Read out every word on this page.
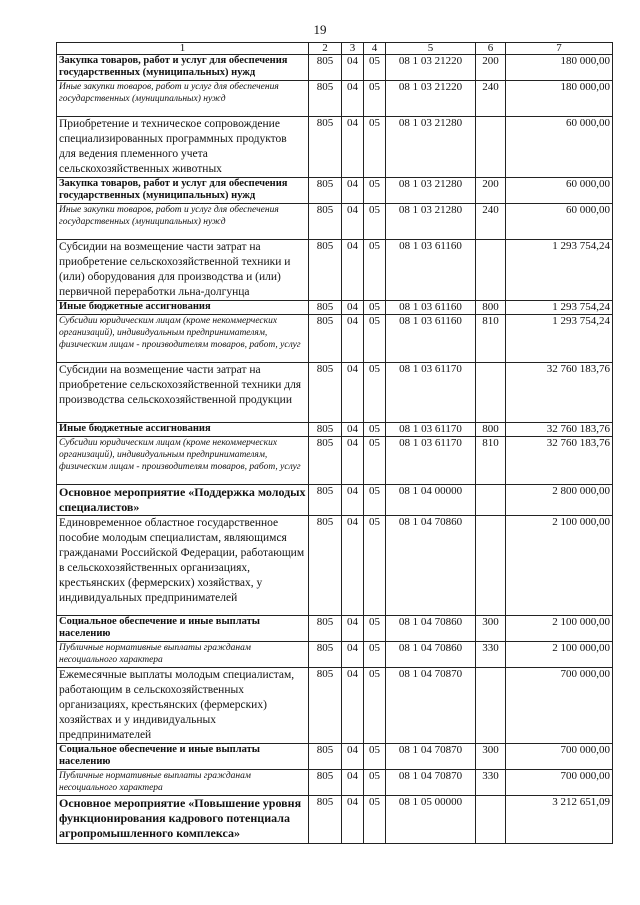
19
1	2	3	4	5	6	7
Закупка товаров, работ и услуг для обеспечения государственных (муниципальных) нужд	805	04	05	08 1 03 21220	200	180 000,00
Иные закупки товаров, работ и услуг для обеспечения государственных (муниципальных) нужд	805	04	05	08 1 03 21220	240	180 000,00
Приобретение и техническое сопровождение специализированных программных продуктов для ведения племенного учета сельскохозяйственных животных	805	04	05	08 1 03 21280		60 000,00
Закупка товаров, работ и услуг для обеспечения государственных (муниципальных) нужд	805	04	05	08 1 03 21280	200	60 000,00
Иные закупки товаров, работ и услуг для обеспечения государственных (муниципальных) нужд	805	04	05	08 1 03 21280	240	60 000,00
Субсидии на возмещение части затрат на приобретение сельскохозяйственной техники и (или) оборудования для производства и (или) первичной переработки льна-долгунца	805	04	05	08 1 03 61160		1 293 754,24
Иные бюджетные ассигнования	805	04	05	08 1 03 61160	800	1 293 754,24
Субсидии юридическим лицам (кроме некоммерческих организаций), индивидуальным предпринимателям, физическим лицам - производителям товаров, работ, услуг	805	04	05	08 1 03 61160	810	1 293 754,24
Субсидии на возмещение части затрат на приобретение сельскохозяйственной техники для производства сельскохозяйственной продукции	805	04	05	08 1 03 61170		32 760 183,76
Иные бюджетные ассигнования	805	04	05	08 1 03 61170	800	32 760 183,76
Субсидии юридическим лицам (кроме некоммерческих организаций), индивидуальным предпринимателям, физическим лицам - производителям товаров, работ, услуг	805	04	05	08 1 03 61170	810	32 760 183,76
Основное мероприятие «Поддержка молодых специалистов»	805	04	05	08 1 04 00000		2 800 000,00
Единовременное областное государственное пособие молодым специалистам, являющимся гражданами Российской Федерации, работающим в сельскохозяйственных организациях, крестьянских (фермерских) хозяйствах, у индивидуальных предпринимателей	805	04	05	08 1 04 70860		2 100 000,00
Социальное обеспечение и иные выплаты населению	805	04	05	08 1 04 70860	300	2 100 000,00
Публичные нормативные выплаты гражданам несоциального характера	805	04	05	08 1 04 70860	330	2 100 000,00
Ежемесячные выплаты молодым специалистам, работающим в сельскохозяйственных организациях, крестьянских (фермерских) хозяйствах и у индивидуальных предпринимателей	805	04	05	08 1 04 70870		700 000,00
Социальное обеспечение и иные выплаты населению	805	04	05	08 1 04 70870	300	700 000,00
Публичные нормативные выплаты гражданам несоциального характера	805	04	05	08 1 04 70870	330	700 000,00
Основное мероприятие «Повышение уровня функционирования кадрового потенциала агропромышленного комплекса»	805	04	05	08 1 05 00000		3 212 651,09
